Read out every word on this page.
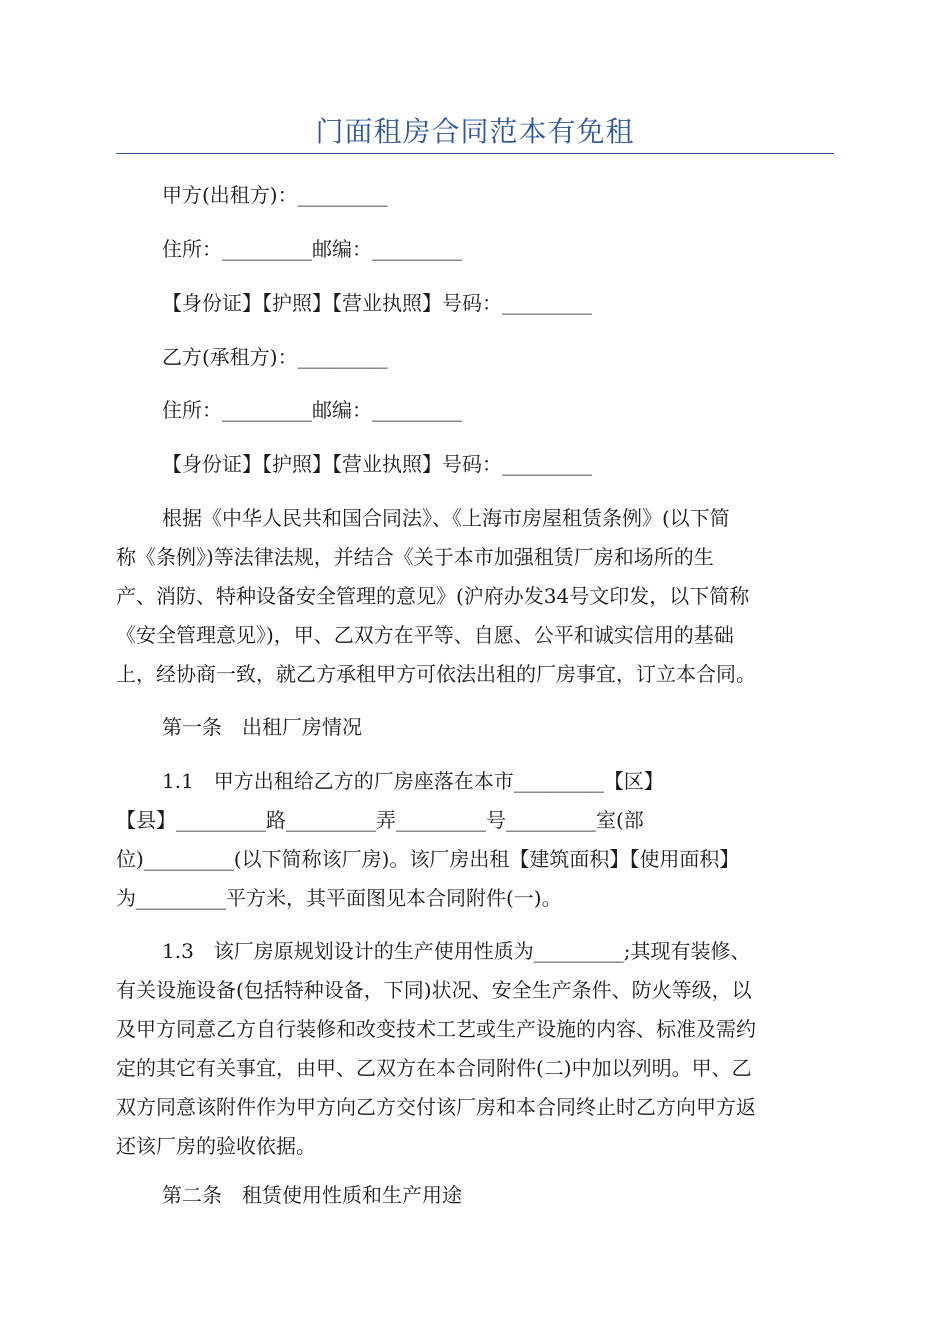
门面租房合同范本有免租
甲方(出租方)：_________
住所：_________邮编：_________
【身份证】【护照】【营业执照】号码：_________
乙方(承租方)：_________
住所：_________邮编：_________
【身份证】【护照】【营业执照】号码：_________
根据《中华人民共和国合同法》、《上海市房屋租赁条例》(以下简
称《条例》)等法律法规，并结合《关于本市加强租赁厂房和场所的生
产、消防、特种设备安全管理的意见》(沪府办发34号文印发，以下简称
《安全管理意见》)，甲、乙双方在平等、自愿、公平和诚实信用的基础
上，经协商一致，就乙方承租甲方可依法出租的厂房事宜，订立本合同。
第一条　出租厂房情况
1.1　甲方出租给乙方的厂房座落在本市_________【区】
【县】_________路_________弄_________号_________室(部
位)_________(以下简称该厂房)。该厂房出租【建筑面积】【使用面积】
为_________平方米，其平面图见本合同附件(一)。
1.3　该厂房原规划设计的生产使用性质为_________;其现有装修、
有关设施设备(包括特种设备，下同)状况、安全生产条件、防火等级，以
及甲方同意乙方自行装修和改变技术工艺或生产设施的内容、标准及需约
定的其它有关事宜，由甲、乙双方在本合同附件(二)中加以列明。甲、乙
双方同意该附件作为甲方向乙方交付该厂房和本合同终止时乙方向甲方返
还该厂房的验收依据。
第二条　租赁使用性质和生产用途
